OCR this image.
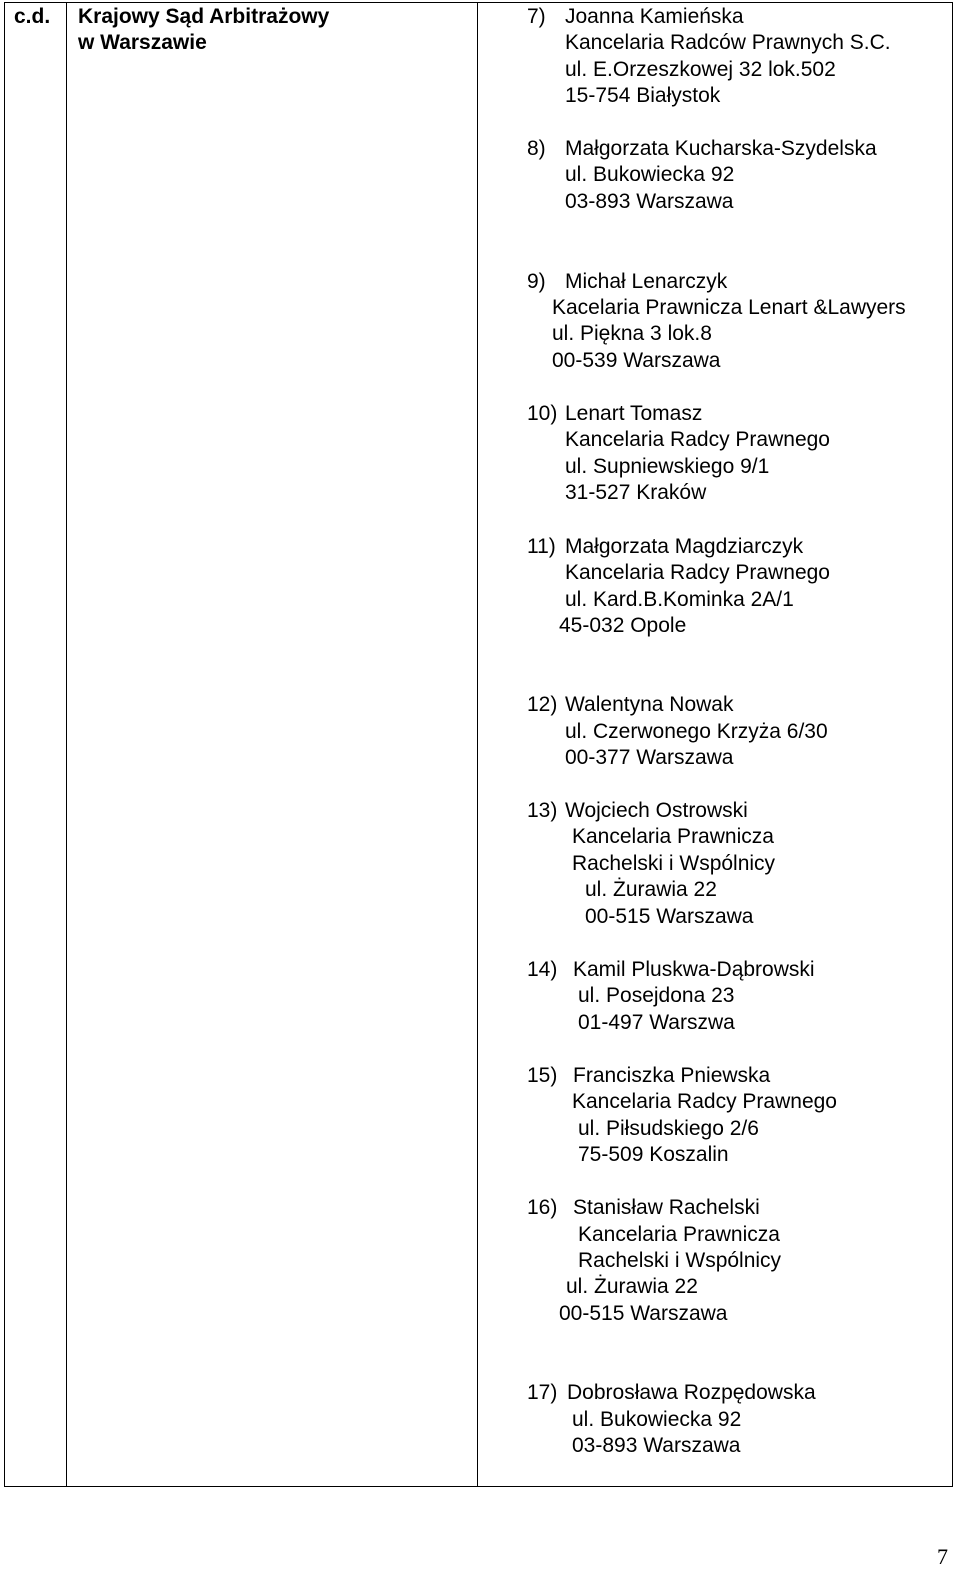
c.d. Krajowy Sąd Arbitrażowy
w Warszawie
7) Joanna Kamieńska
Kancelaria Radców Prawnych S.C.
ul. E.Orzeszkowej 32 lok.502
15-754 Białystok
8) Małgorzata Kucharska-Szydelska
ul. Bukowiecka 92
03-893 Warszawa
9) Michał Lenarczyk
Kacelaria Prawnicza Lenart &Lawyers
ul. Piękna 3 lok.8
00-539 Warszawa
10) Lenart Tomasz
Kancelaria Radcy Prawnego
ul. Supniewskiego 9/1
31-527 Kraków
11) Małgorzata Magdziarczyk
Kancelaria Radcy Prawnego
ul. Kard.B.Kominka 2A/1
45-032 Opole
12) Walentyna Nowak
ul. Czerwonego Krzyża 6/30
00-377 Warszawa
13) Wojciech Ostrowski
Kancelaria Prawnicza
Rachelski i Wspólnicy
ul. Żurawia 22
00-515 Warszawa
14) Kamil Pluskwa-Dąbrowski
ul. Posejdona 23
01-497 Warszwa
15) Franciszka Pniewska
Kancelaria Radcy Prawnego
ul. Piłsudskiego 2/6
75-509 Koszalin
16) Stanisław Rachelski
Kancelaria Prawnicza
Rachelski i Wspólnicy
ul. Żurawia 22
00-515 Warszawa
17) Dobrosława Rozpędowska
ul. Bukowiecka 92
03-893 Warszawa
7
